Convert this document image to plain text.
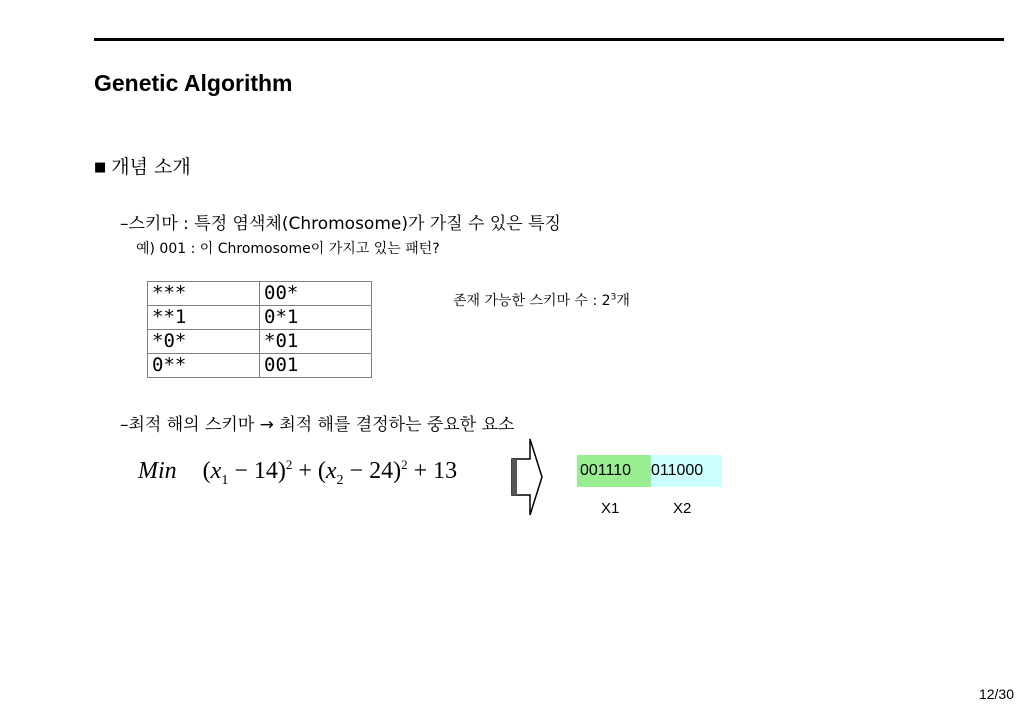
Genetic Algorithm
■ 개념 소개
–스키마 : 특정 염색체(Chromosome)가 가질 수 있은 특징
예) 001 : 이 Chromosome이 가지고 있는 패턴?
***	00*
**1	0*1
*0*	*01
0**	001
존재 가능한 스키마 수 : $2^3$개
–최적 해의 스키마 → 최적 해를 결정하는 중요한 요소
Min $(x_1 - 14)^2 + (x_2 - 24)^2 + 13$	001110	011000
X1	X2
12/30
